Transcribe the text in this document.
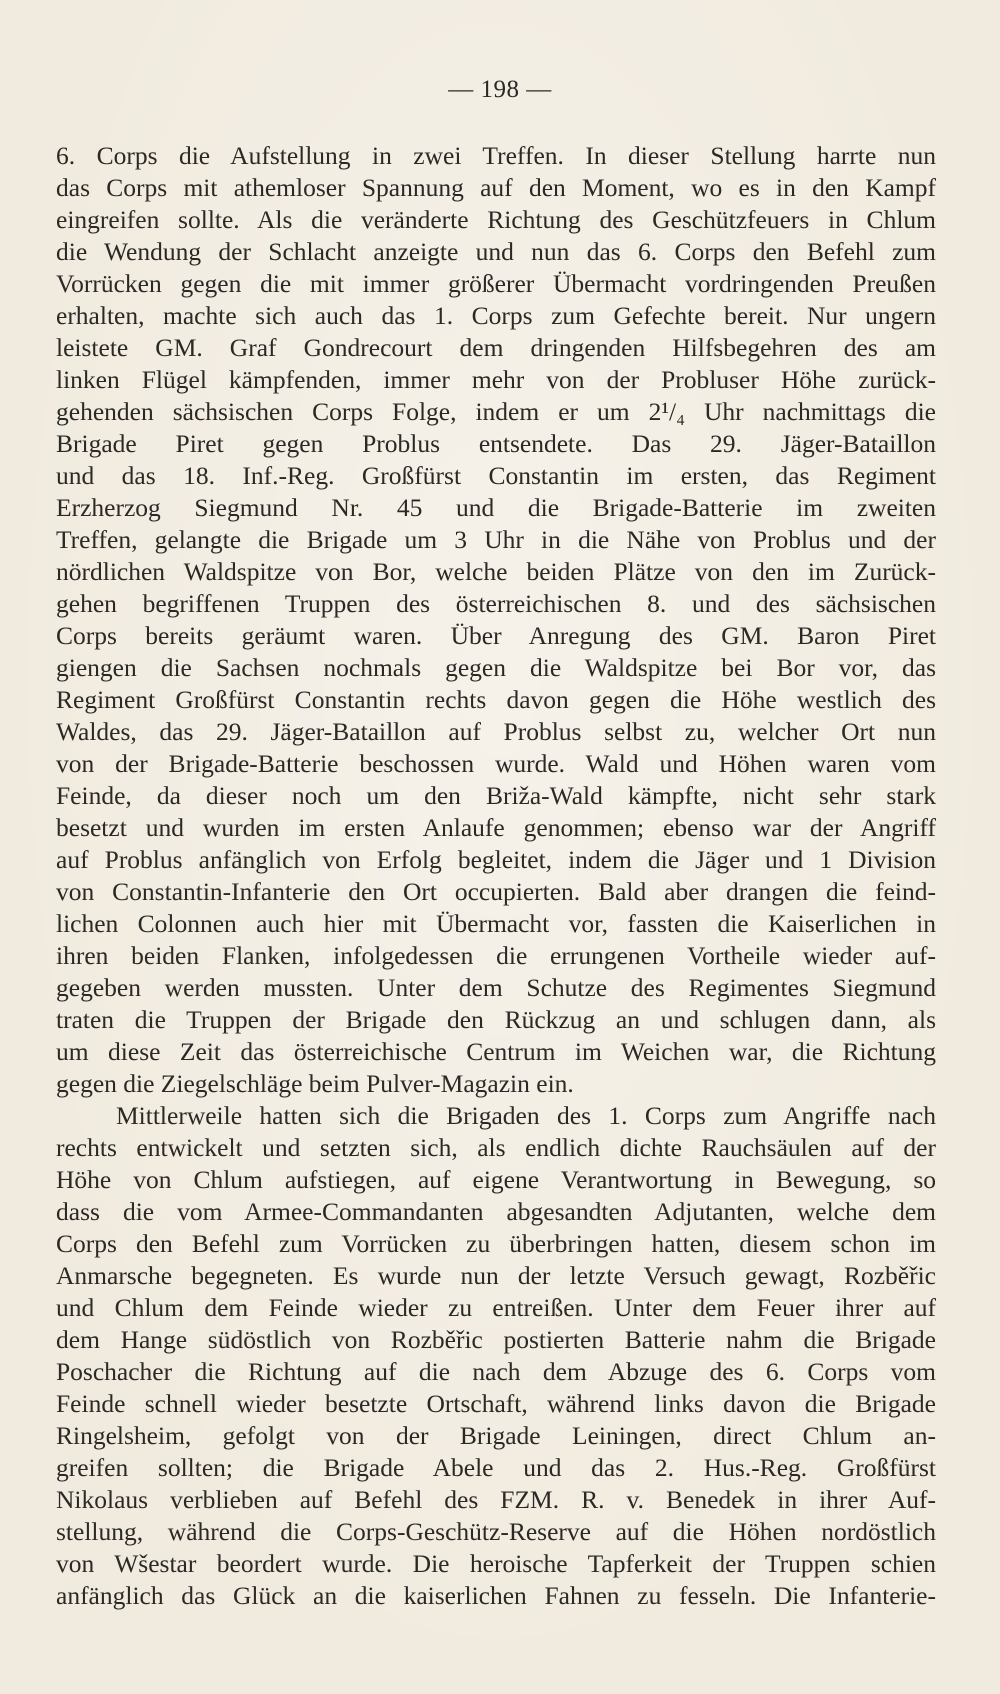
— 198 —
6. Corps die Aufstellung in zwei Treffen. In dieser Stellung harrte nun
das Corps mit athemloser Spannung auf den Moment, wo es in den Kampf
eingreifen sollte. Als die veränderte Richtung des Geschützfeuers in Chlum
die Wendung der Schlacht anzeigte und nun das 6. Corps den Befehl zum
Vorrücken gegen die mit immer größerer Übermacht vordringenden Preußen
erhalten, machte sich auch das 1. Corps zum Gefechte bereit. Nur ungern
leistete GM. Graf Gondrecourt dem dringenden Hilfsbegehren des am
linken Flügel kämpfenden, immer mehr von der Probluser Höhe zurück-
gehenden sächsischen Corps Folge, indem er um 2¹/₄ Uhr nachmittags die
Brigade Piret gegen Problus entsendete. Das 29. Jäger-Bataillon
und das 18. Inf.-Reg. Großfürst Constantin im ersten, das Regiment
Erzherzog Siegmund Nr. 45 und die Brigade-Batterie im zweiten
Treffen, gelangte die Brigade um 3 Uhr in die Nähe von Problus und der
nördlichen Waldspitze von Bor, welche beiden Plätze von den im Zurück-
gehen begriffenen Truppen des österreichischen 8. und des sächsischen
Corps bereits geräumt waren. Über Anregung des GM. Baron Piret
giengen die Sachsen nochmals gegen die Waldspitze bei Bor vor, das
Regiment Großfürst Constantin rechts davon gegen die Höhe westlich des
Waldes, das 29. Jäger-Bataillon auf Problus selbst zu, welcher Ort nun
von der Brigade-Batterie beschossen wurde. Wald und Höhen waren vom
Feinde, da dieser noch um den Briža-Wald kämpfte, nicht sehr stark
besetzt und wurden im ersten Anlaufe genommen; ebenso war der Angriff
auf Problus anfänglich von Erfolg begleitet, indem die Jäger und 1 Division
von Constantin-Infanterie den Ort occupierten. Bald aber drangen die feind-
lichen Colonnen auch hier mit Übermacht vor, fassten die Kaiserlichen in
ihren beiden Flanken, infolgedessen die errungenen Vortheile wieder auf-
gegeben werden mussten. Unter dem Schutze des Regimentes Siegmund
traten die Truppen der Brigade den Rückzug an und schlugen dann, als
um diese Zeit das österreichische Centrum im Weichen war, die Richtung
gegen die Ziegelschläge beim Pulver-Magazin ein.
Mittlerweile hatten sich die Brigaden des 1. Corps zum Angriffe nach
rechts entwickelt und setzten sich, als endlich dichte Rauchsäulen auf der
Höhe von Chlum aufstiegen, auf eigene Verantwortung in Bewegung, so
dass die vom Armee-Commandanten abgesandten Adjutanten, welche dem
Corps den Befehl zum Vorrücken zu überbringen hatten, diesem schon im
Anmarsche begegneten. Es wurde nun der letzte Versuch gewagt, Rozběřic
und Chlum dem Feinde wieder zu entreißen. Unter dem Feuer ihrer auf
dem Hange südöstlich von Rozběřic postierten Batterie nahm die Brigade
Poschacher die Richtung auf die nach dem Abzuge des 6. Corps vom
Feinde schnell wieder besetzte Ortschaft, während links davon die Brigade
Ringelsheim, gefolgt von der Brigade Leiningen, direct Chlum an-
greifen sollten; die Brigade Abele und das 2. Hus.-Reg. Großfürst
Nikolaus verblieben auf Befehl des FZM. R. v. Benedek in ihrer Auf-
stellung, während die Corps-Geschütz-Reserve auf die Höhen nordöstlich
von Wšestar beordert wurde. Die heroische Tapferkeit der Truppen schien
anfänglich das Glück an die kaiserlichen Fahnen zu fesseln. Die Infanterie-
